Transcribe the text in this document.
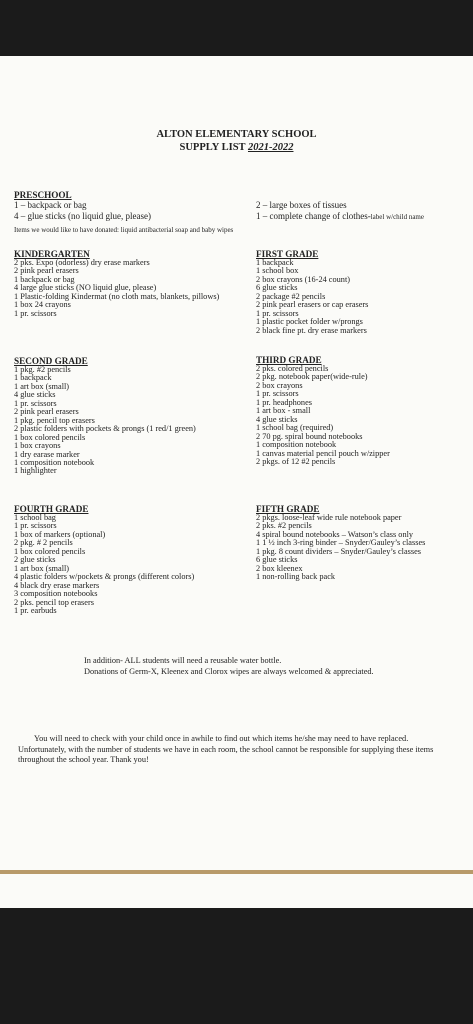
ALTON ELEMENTARY SCHOOL
SUPPLY LIST 2021-2022
PRESCHOOL
1 – backpack or bag
4 – glue sticks (no liquid glue, please)
2 – large boxes of tissues
1 – complete change of clothes-label w/child name
Items we would like to have donated: liquid antibacterial soap and baby wipes
KINDERGARTEN
2 pks. Expo (odorless) dry erase markers
2 pink pearl erasers
1 backpack or bag
4 large glue sticks (NO liquid glue, please)
1 Plastic-folding Kindermat (no cloth mats, blankets, pillows)
1 box 24 crayons
1 pr. scissors
FIRST GRADE
1 backpack
1 school box
2 box crayons (16-24 count)
6 glue sticks
2 package #2 pencils
2 pink pearl erasers or cap erasers
1 pr. scissors
1 plastic pocket folder w/prongs
2 black fine pt. dry erase markers
SECOND GRADE
1 pkg. #2 pencils
1 backpack
1 art box (small)
4 glue sticks
1 pr. scissors
2 pink pearl erasers
1 pkg. pencil top erasers
2 plastic folders with pockets & prongs (1 red/1 green)
1 box colored pencils
1 box crayons
1 dry earase marker
1 composition notebook
1 highlighter
THIRD GRADE
2 pks. colored pencils
2 pkg. notebook paper(wide-rule)
2 box crayons
1 pr. scissors
1 pr. headphones
1 art box - small
4 glue sticks
1 school bag (required)
2 70 pg. spiral bound notebooks
1 composition notebook
1 canvas material pencil pouch w/zipper
2 pkgs. of 12 #2 pencils
FOURTH GRADE
1 school bag
1 pr. scissors
1 box of markers (optional)
2 pkg. # 2 pencils
1 box colored pencils
2 glue sticks
1 art box (small)
4 plastic folders w/pockets & prongs (different colors)
4 black dry erase markers
3 composition notebooks
2 pks. pencil top erasers
1 pr. earbuds
FIFTH GRADE
2 pkgs. loose-leaf wide rule notebook paper
2 pks. #2 pencils
4 spiral bound notebooks – Watson’s class only
1 1 ½ inch 3-ring binder – Snyder/Gauley’s classes
1 pkg. 8 count dividers – Snyder/Gauley’s classes
6 glue sticks
2 box kleenex
1 non-rolling back pack
In addition- ALL students will need a reusable water bottle.
Donations of Germ-X, Kleenex and Clorox wipes are always welcomed & appreciated.
You will need to check with your child once in awhile to find out which items he/she may need to have replaced. Unfortunately, with the number of students we have in each room, the school cannot be responsible for supplying these items throughout the school year. Thank you!
